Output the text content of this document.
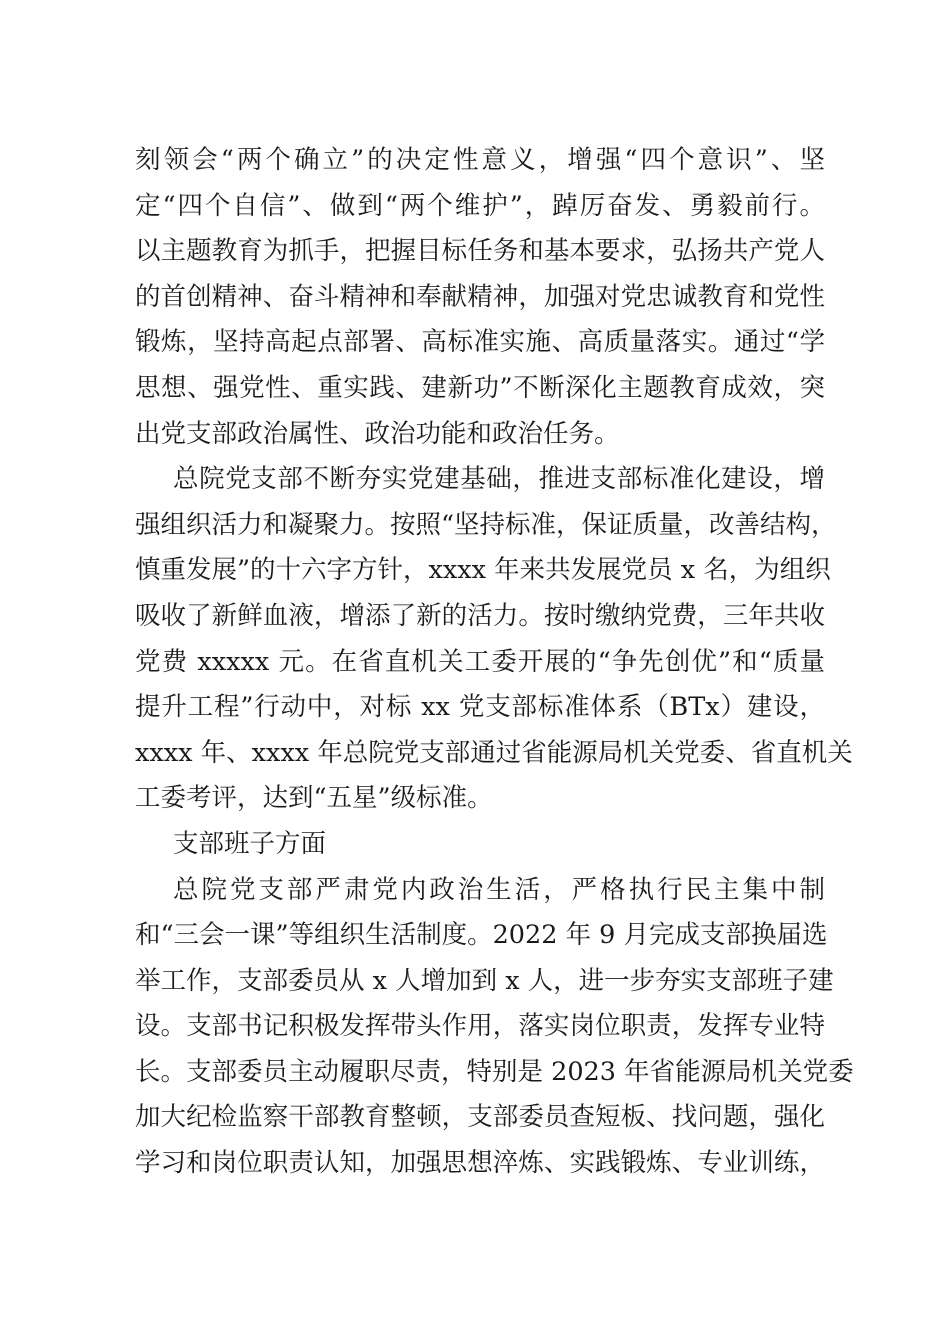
刻领会“两个确立”的决定性意义，增强“四个意识”、坚
定“四个自信”、做到“两个维护”，踔厉奋发、勇毅前行。
以主题教育为抓手，把握目标任务和基本要求，弘扬共产党人
的首创精神、奋斗精神和奉献精神，加强对党忠诚教育和党性
锻炼，坚持高起点部署、高标准实施、高质量落实。通过“学
思想、强党性、重实践、建新功”不断深化主题教育成效，突
出党支部政治属性、政治功能和政治任务。
总院党支部不断夯实党建基础，推进支部标准化建设，增
强组织活力和凝聚力。按照“坚持标准，保证质量，改善结构，
慎重发展”的十六字方针，xxxx 年来共发展党员 x 名，为组织
吸收了新鲜血液，增添了新的活力。按时缴纳党费，三年共收
党费 xxxxx 元。在省直机关工委开展的“争先创优”和“质量
提升工程”行动中，对标 xx 党支部标准体系（BTx）建设，
xxxx 年、xxxx 年总院党支部通过省能源局机关党委、省直机关
工委考评，达到“五星”级标准。
支部班子方面
总院党支部严肃党内政治生活，严格执行民主集中制
和“三会一课”等组织生活制度。2022 年 9 月完成支部换届选
举工作，支部委员从 x 人增加到 x 人，进一步夯实支部班子建
设。支部书记积极发挥带头作用，落实岗位职责，发挥专业特
长。支部委员主动履职尽责，特别是 2023 年省能源局机关党委
加大纪检监察干部教育整顿，支部委员查短板、找问题，强化
学习和岗位职责认知，加强思想淬炼、实践锻炼、专业训练，
